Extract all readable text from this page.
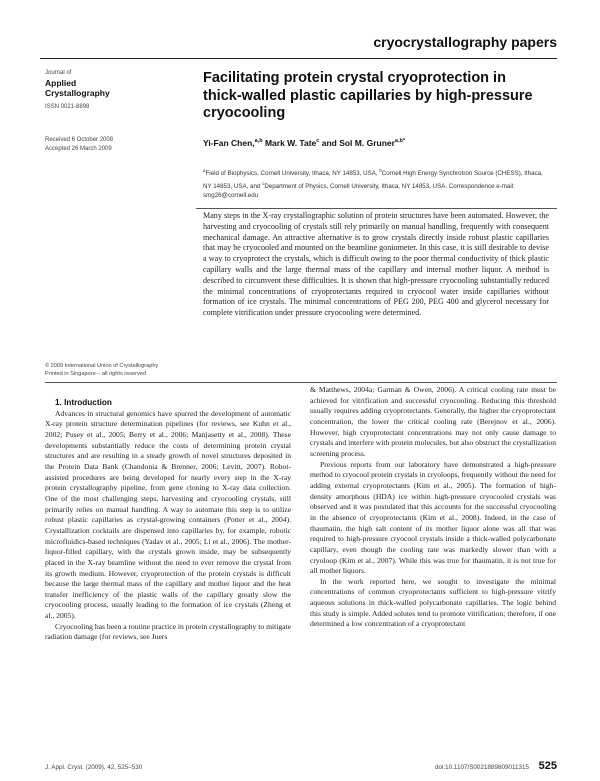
cryocrystallography papers
Journal of
Applied
Crystallography
ISSN 0021-8898
Received 6 October 2008
Accepted 26 March 2009
Facilitating protein crystal cryoprotection in thick-walled plastic capillaries by high-pressure cryocooling
Yi-Fan Chen,$^{a,b}$ Mark W. Tate$^c$ and Sol M. Gruner$^{a,b*}$
$^a$Field of Biophysics, Cornell University, Ithaca, NY 14853, USA, $^b$Cornell High Energy Synchrotron Source (CHESS), Ithaca, NY 14853, USA, and $^c$Department of Physics, Cornell University, Ithaca, NY 14853, USA. Correspondence e-mail: smg26@cornell.edu
Many steps in the X-ray crystallographic solution of protein structures have been automated. However, the harvesting and cryocooling of crystals still rely primarily on manual handling, frequently with consequent mechanical damage. An attractive alternative is to grow crystals directly inside robust plastic capillaries that may be cryocooled and mounted on the beamline goniometer. In this case, it is still desirable to devise a way to cryoprotect the crystals, which is difficult owing to the poor thermal conductivity of thick plastic capillary walls and the large thermal mass of the capillary and internal mother liquor. A method is described to circumvent these difficulties. It is shown that high-pressure cryocooling substantially reduced the minimal concentrations of cryoprotectants required to cryocool water inside capillaries without formation of ice crystals. The minimal concentrations of PEG 200, PEG 400 and glycerol necessary for complete vitrification under pressure cryocooling were determined.
© 2009 International Union of Crystallography
Printed in Singapore – all rights reserved

1. Introduction

Advances in structural genomics have spurred the development of automatic X-ray protein structure determination pipelines (for reviews, see Kuhn et al., 2002; Pusey et al., 2005; Berry et al., 2006; Manjasetty et al., 2008). These developments substantially reduce the costs of determining protein crystal structures and are resulting in a steady growth of novel structures deposited in the Protein Data Bank (Chandonia & Brenner, 2006; Levitt, 2007). Robot-assisted procedures are being developed for nearly every step in the X-ray protein crystallography pipeline, from gene cloning to X-ray data collection. One of the most challenging steps, harvesting and cryocooling crystals, still primarily relies on manual handling. A way to automate this step is to utilize robust plastic capillaries as crystal-growing containers (Potter et al., 2004). Crystallization cocktails are dispensed into capillaries by, for example, robotic microfluidics-based techniques (Yadav et al., 2005; Li et al., 2006). The mother-liquor-filled capillary, with the crystals grown inside, may be subsequently placed in the X-ray beamline without the need to ever remove the crystal from its growth medium. However, cryoprotection of the protein crystals is difficult because the large thermal mass of the capillary and mother liquor and the heat transfer inefficiency of the plastic walls of the capillary greatly slow the cryocooling process, usually leading to the formation of ice crystals (Zheng et al., 2005).

Cryocooling has been a routine practice in protein crystallography to mitigate radiation damage (for reviews, see Juers

& Matthews, 2004a; Garman & Owen, 2006). A critical cooling rate must be achieved for vitrification and successful cryocooling. Reducing this threshold usually requires adding cryoprotectants. Generally, the higher the cryoprotectant concentration, the lower the critical cooling rate (Berejnov et al., 2006). However, high cryoprotectant concentrations may not only cause damage to crystals and interfere with protein molecules, but also obstruct the crystallization screening process.

Previous reports from our laboratory have demonstrated a high-pressure method to cryocool protein crystals in cryoloops, frequently without the need for adding external cryoprotectants (Kim et al., 2005). The formation of high-density amorphous (HDA) ice within high-pressure cryocooled crystals was observed and it was postulated that this accounts for the successful cryocooling in the absence of cryoprotectants (Kim et al., 2008). Indeed, in the case of thaumatin, the high salt content of its mother liquor alone was all that was required to high-pressure cryocool crystals inside a thick-walled polycarbonate capillary, even though the cooling rate was markedly slower than with a cryoloop (Kim et al., 2007). While this was true for thaumatin, it is not true for all mother liquors.

In the work reported here, we sought to investigate the minimal concentrations of common cryoprotectants sufficient to high-pressure vitrify aqueous solutions in thick-walled polycarbonate capillaries. The logic behind this study is simple. Added solutes tend to promote vitrification; therefore, if one determined a low concentration of a cryoprotectant

J. Appl. Cryst. (2009). 42, 525–530	doi:10.1107/S0021889809011315 525
